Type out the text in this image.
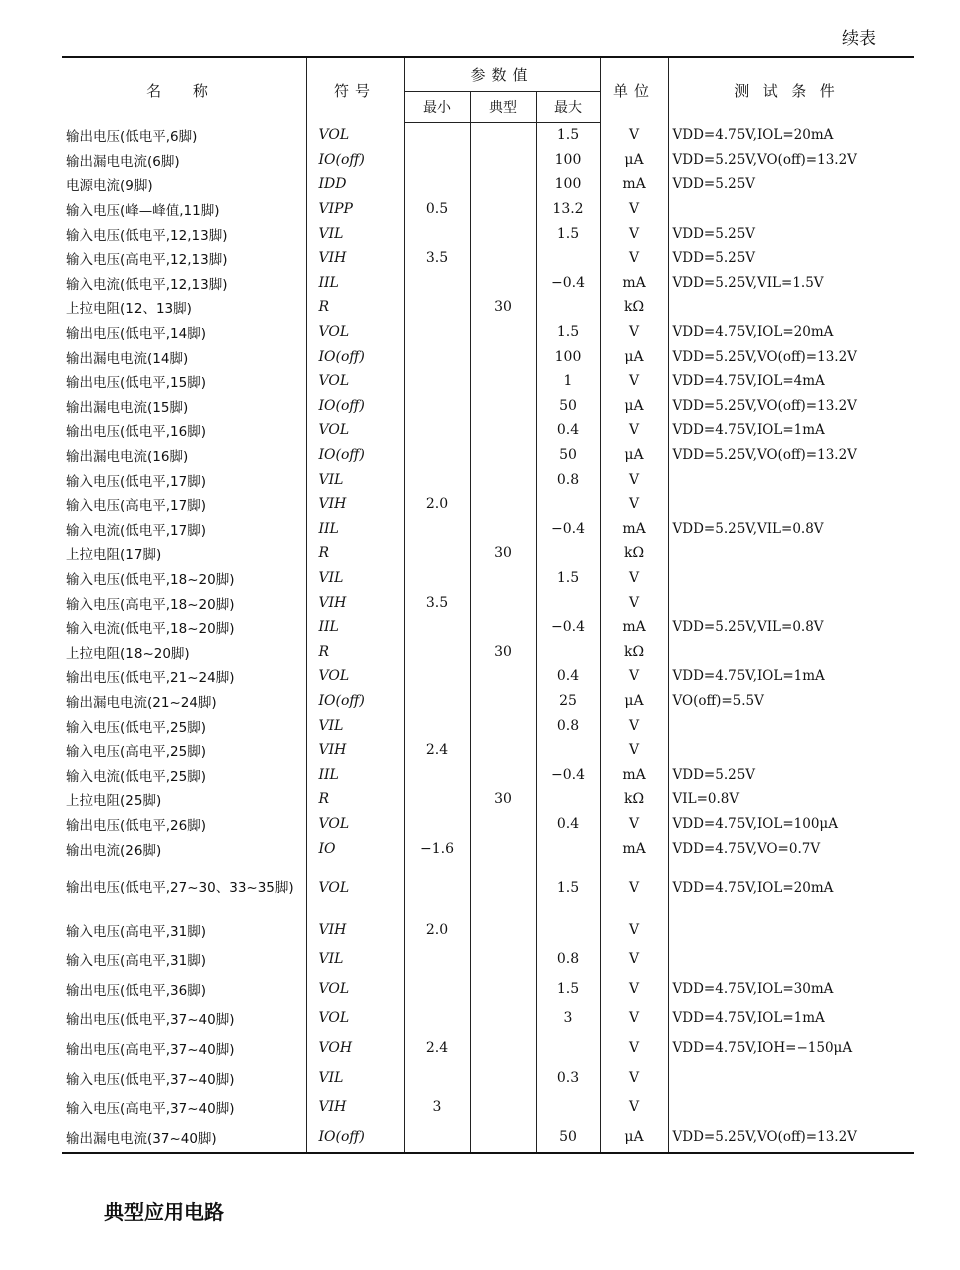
续表
名 称	符号	参数值			单位	测试条件
		最小	典型	最大		
输出电压(低电平,6脚)	VOL			1.5	V	VDD=4.75V,IOL=20mA
输出漏电电流(6脚)	IO(off)			100	μA	VDD=5.25V,VO(off)=13.2V
电源电流(9脚)	IDD			100	mA	VDD=5.25V
输入电压(峰—峰值,11脚)	VIPP	0.5		13.2	V	
输入电压(低电平,12,13脚)	VIL			1.5	V	VDD=5.25V
输入电压(高电平,12,13脚)	VIH	3.5			V	VDD=5.25V
输入电流(低电平,12,13脚)	IIL			−0.4	mA	VDD=5.25V,VIL=1.5V
上拉电阻(12、13脚)	R		30		kΩ	
输出电压(低电平,14脚)	VOL			1.5	V	VDD=4.75V,IOL=20mA
输出漏电电流(14脚)	IO(off)			100	μA	VDD=5.25V,VO(off)=13.2V
输出电压(低电平,15脚)	VOL			1	V	VDD=4.75V,IOL=4mA
输出漏电电流(15脚)	IO(off)			50	μA	VDD=5.25V,VO(off)=13.2V
输出电压(低电平,16脚)	VOL			0.4	V	VDD=4.75V,IOL=1mA
输出漏电电流(16脚)	IO(off)			50	μA	VDD=5.25V,VO(off)=13.2V
输入电压(低电平,17脚)	VIL			0.8	V	
输入电压(高电平,17脚)	VIH	2.0			V	
输入电流(低电平,17脚)	IIL			−0.4	mA	VDD=5.25V,VIL=0.8V
上拉电阻(17脚)	R		30		kΩ	
输入电压(低电平,18~20脚)	VIL			1.5	V	
输入电压(高电平,18~20脚)	VIH	3.5			V	
输入电流(低电平,18~20脚)	IIL			−0.4	mA	VDD=5.25V,VIL=0.8V
上拉电阻(18~20脚)	R		30		kΩ	
输出电压(低电平,21~24脚)	VOL			0.4	V	VDD=4.75V,IOL=1mA
输出漏电电流(21~24脚)	IO(off)			25	μA	VO(off)=5.5V
输入电压(低电平,25脚)	VIL			0.8	V	
输入电压(高电平,25脚)	VIH	2.4			V	
输入电流(低电平,25脚)	IIL			−0.4	mA	VDD=5.25V
上拉电阻(25脚)	R		30		kΩ	VIL=0.8V
输出电压(低电平,26脚)	VOL			0.4	V	VDD=4.75V,IOL=100μA
输出电流(26脚)	IO	−1.6			mA	VDD=4.75V,VO=0.7V
输出电压(低电平,27~30、33~35脚)	VOL			1.5	V	VDD=4.75V,IOL=20mA
输入电压(高电平,31脚)	VIH	2.0			V	
输入电压(高电平,31脚)	VIL			0.8	V	
输出电压(低电平,36脚)	VOL			1.5	V	VDD=4.75V,IOL=30mA
输出电压(低电平,37~40脚)	VOL			3	V	VDD=4.75V,IOL=1mA
输出电压(高电平,37~40脚)	VOH	2.4			V	VDD=4.75V,IOH=−150μA
输入电压(低电平,37~40脚)	VIL			0.3	V	
输入电压(高电平,37~40脚)	VIH	3			V	
输出漏电电流(37~40脚)	IO(off)			50	μA	VDD=5.25V,VO(off)=13.2V
典型应用电路
